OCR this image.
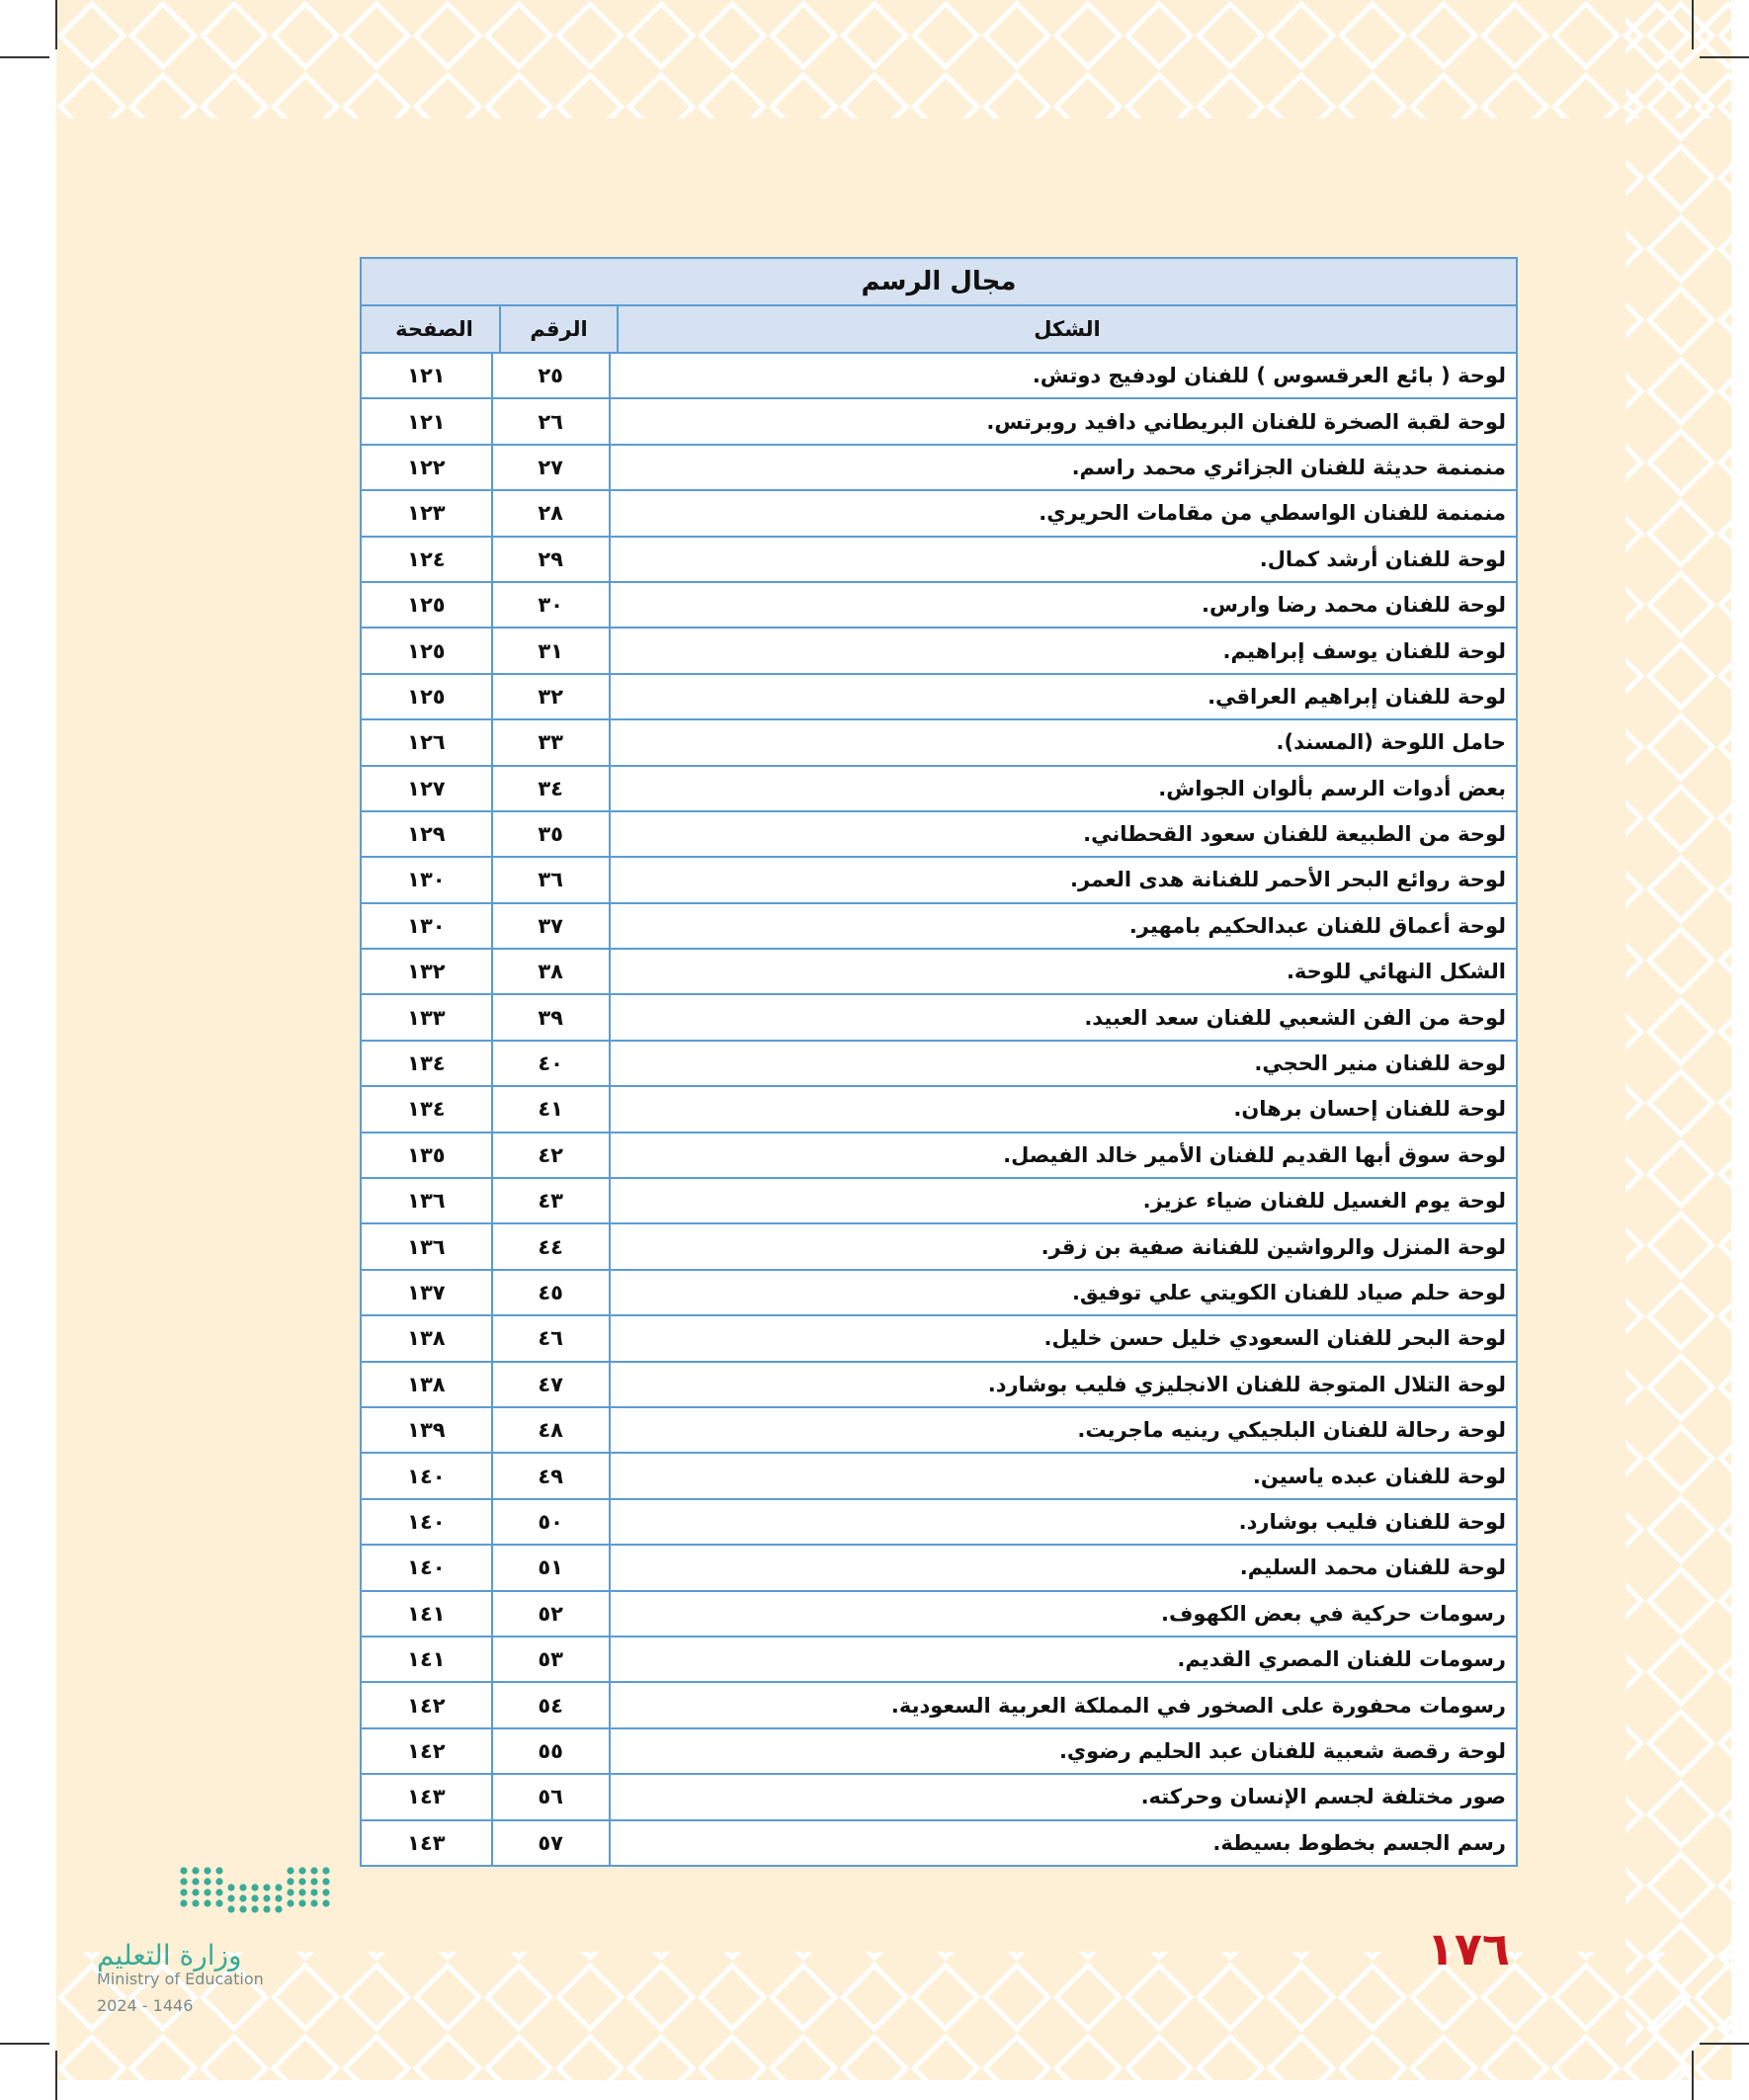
مجال الرسم
الشكل
الرقم
الصفحة
لوحة ( بائع العرقسوس ) للفنان لودفيج دوتش.
٢٥
١٢١
لوحة لقبة الصخرة للفنان البريطاني دافيد روبرتس.
٢٦
١٢١
منمنمة حديثة للفنان الجزائري محمد راسم.
٢٧
١٢٢
منمنمة للفنان الواسطي من مقامات الحريري.
٢٨
١٢٣
لوحة للفنان أرشد كمال.
٢٩
١٢٤
لوحة للفنان محمد رضا وارس.
٣٠
١٢٥
لوحة للفنان يوسف إبراهيم.
٣١
١٢٥
لوحة للفنان إبراهيم العراقي.
٣٢
١٢٥
حامل اللوحة (المسند).
٣٣
١٢٦
بعض أدوات الرسم بألوان الجواش.
٣٤
١٢٧
لوحة من الطبيعة للفنان سعود القحطاني.
٣٥
١٢٩
لوحة روائع البحر الأحمر للفنانة هدى العمر.
٣٦
١٣٠
لوحة أعماق للفنان عبدالحكيم بامهير.
٣٧
١٣٠
الشكل النهائي للوحة.
٣٨
١٣٢
لوحة من الفن الشعبي للفنان سعد العبيد.
٣٩
١٣٣
لوحة للفنان منير الحجي.
٤٠
١٣٤
لوحة للفنان إحسان برهان.
٤١
١٣٤
لوحة سوق أبها القديم للفنان الأمير خالد الفيصل.
٤٢
١٣٥
لوحة يوم الغسيل للفنان ضياء عزيز.
٤٣
١٣٦
لوحة المنزل والرواشين للفنانة صفية بن زقر.
٤٤
١٣٦
لوحة حلم صياد للفنان الكويتي علي توفيق.
٤٥
١٣٧
لوحة البحر للفنان السعودي خليل حسن خليل.
٤٦
١٣٨
لوحة التلال المتوجة للفنان الانجليزي فليب بوشارد.
٤٧
١٣٨
لوحة رحالة للفنان البلجيكي رينيه ماجريت.
٤٨
١٣٩
لوحة للفنان عبده ياسين.
٤٩
١٤٠
لوحة للفنان فليب بوشارد.
٥٠
١٤٠
لوحة للفنان محمد السليم.
٥١
١٤٠
رسومات حركية في بعض الكهوف.
٥٢
١٤١
رسومات للفنان المصري القديم.
٥٣
١٤١
رسومات محفورة على الصخور في المملكة العربية السعودية.
٥٤
١٤٢
لوحة رقصة شعبية للفنان عبد الحليم رضوي.
٥٥
١٤٢
صور مختلفة لجسم الإنسان وحركته.
٥٦
١٤٣
رسم الجسم بخطوط بسيطة.
٥٧
١٤٣
١٧٦
وزارة التعليم
Ministry of Education
2024 - 1446
